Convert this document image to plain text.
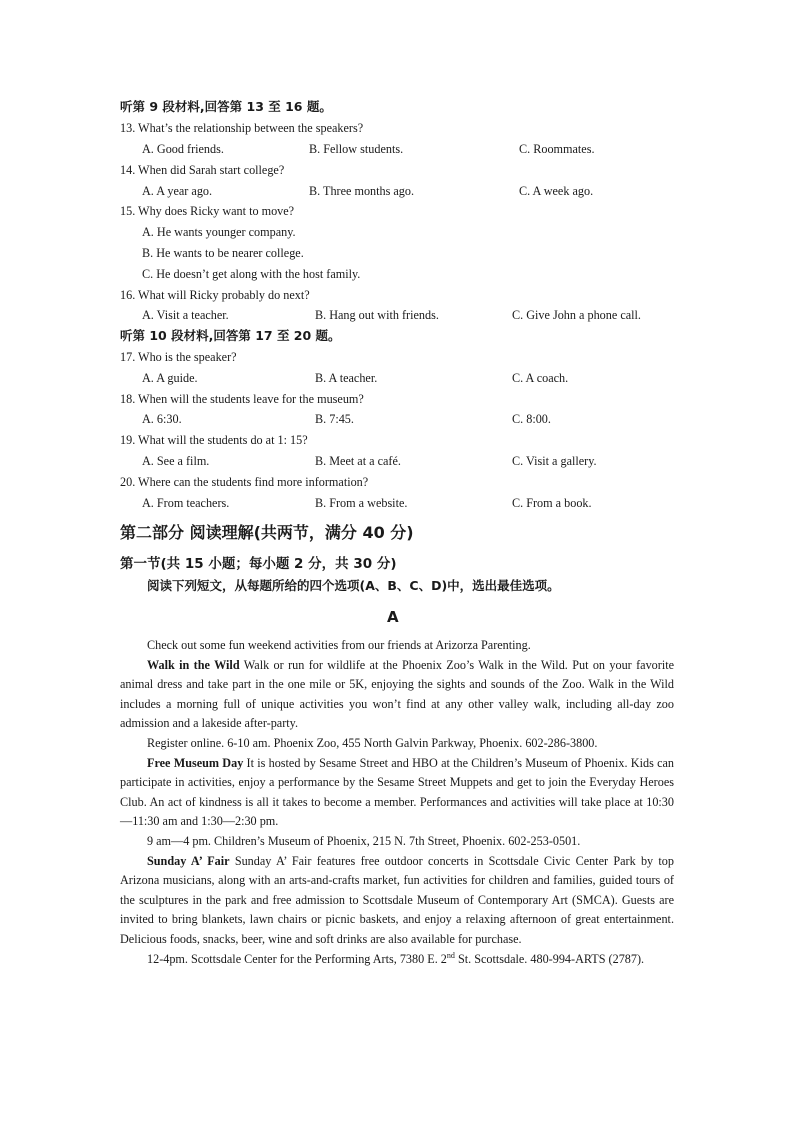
听第 9 段材料,回答第 13 至 16 题。
13. What’s the relationship between the speakers?
A. Good friends.	B. Fellow students.	C. Roommates.
14. When did Sarah start college?
A. A year ago.	B. Three months ago.	C. A week ago.
15. Why does Ricky want to move?
A. He wants younger company.
B. He wants to be nearer college.
C. He doesn’t get along with the host family.
16. What will Ricky probably do next?
A. Visit a teacher.	B. Hang out with friends.	C. Give John a phone call.
听第 10 段材料,回答第 17 至 20 题。
17. Who is the speaker?
A. A guide.	B. A teacher.	C. A coach.
18. When will the students leave for the museum?
A. 6:30.	B. 7:45.	C. 8:00.
19. What will the students do at 1: 15?
A. See a film.	B. Meet at a café.	C. Visit a gallery.
20. Where can the students find more information?
A. From teachers.	B. From a website.	C. From a book.
第二部分 阅读理解(共两节，满分 40 分)
第一节(共 15 小题；每小题 2 分，共 30 分)
阅读下列短文，从每题所给的四个选项(A、B、C、D)中，选出最佳选项。
A

Check out some fun weekend activities from our friends at Arizorza Parenting.

Walk in the Wild Walk or run for wildlife at the Phoenix Zoo’s Walk in the Wild. Put on your favorite animal dress and take part in the one mile or 5K, enjoying the sights and sounds of the Zoo. Walk in the Wild includes a morning full of unique activities you won’t find at any other valley walk, including all-day zoo admission and a lakeside after-party.

Register online. 6-10 am. Phoenix Zoo, 455 North Galvin Parkway, Phoenix. 602-286-3800.

Free Museum Day It is hosted by Sesame Street and HBO at the Children’s Museum of Phoenix. Kids can participate in activities, enjoy a performance by the Sesame Street Muppets and get to join the Everyday Heroes Club. An act of kindness is all it takes to become a member. Performances and activities will take place at 10:30—11:30 am and 1:30—2:30 pm.

9 am—4 pm. Children’s Museum of Phoenix, 215 N. 7th Street, Phoenix. 602-253-0501.

Sunday A’ Fair Sunday A’ Fair features free outdoor concerts in Scottsdale Civic Center Park by top Arizona musicians, along with an arts-and-crafts market, fun activities for children and families, guided tours of the sculptures in the park and free admission to Scottsdale Museum of Contemporary Art (SMCA). Guests are invited to bring blankets, lawn chairs or picnic baskets, and enjoy a relaxing afternoon of great entertainment. Delicious foods, snacks, beer, wine and soft drinks are also available for purchase.

12-4pm. Scottsdale Center for the Performing Arts, 7380 E. 2nd St. Scottsdale. 480-994-ARTS (2787).
